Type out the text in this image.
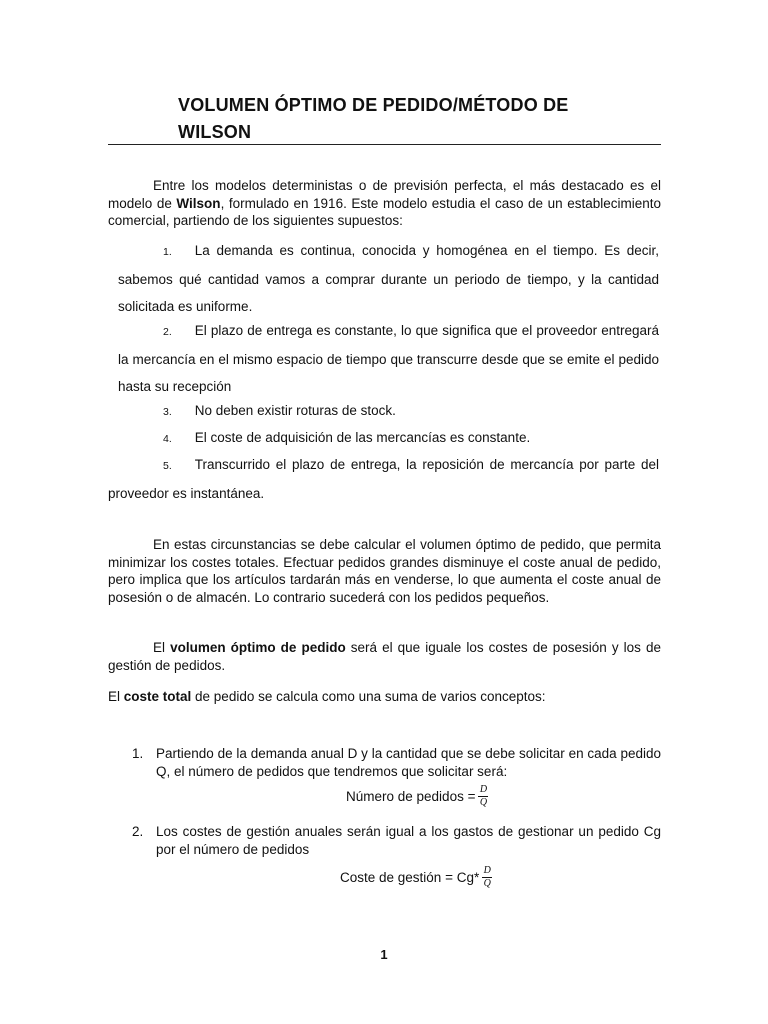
VOLUMEN ÓPTIMO DE PEDIDO/MÉTODO DE
WILSON
Entre los modelos deterministas o de previsión perfecta, el más destacado es el modelo de Wilson, formulado en 1916. Este modelo estudia el caso de un establecimiento comercial, partiendo de los siguientes supuestos:
1. La demanda es continua, conocida y homogénea en el tiempo. Es decir, sabemos qué cantidad vamos a comprar durante un periodo de tiempo, y la cantidad solicitada es uniforme.
2. El plazo de entrega es constante, lo que significa que el proveedor entregará la mercancía en el mismo espacio de tiempo que transcurre desde que se emite el pedido hasta su recepción
3. No deben existir roturas de stock.
4. El coste de adquisición de las mercancías es constante.
5. Transcurrido el plazo de entrega, la reposición de mercancía por parte del proveedor es instantánea.
En estas circunstancias se debe calcular el volumen óptimo de pedido, que permita minimizar los costes totales. Efectuar pedidos grandes disminuye el coste anual de pedido, pero implica que los artículos tardarán más en venderse, lo que aumenta el coste anual de posesión o de almacén. Lo contrario sucederá con los pedidos pequeños.
El volumen óptimo de pedido será el que iguale los costes de posesión y los de gestión de pedidos.
El coste total de pedido se calcula como una suma de varios conceptos:
1. Partiendo de la demanda anual D y la cantidad que se debe solicitar en cada pedido Q, el número de pedidos que tendremos que solicitar será:
Número de pedidos = $\frac{D}{Q}$
2. Los costes de gestión anuales serán igual a los gastos de gestionar un pedido Cg por el número de pedidos
Coste de gestión = $Cg* \frac{D}{Q}$
1
